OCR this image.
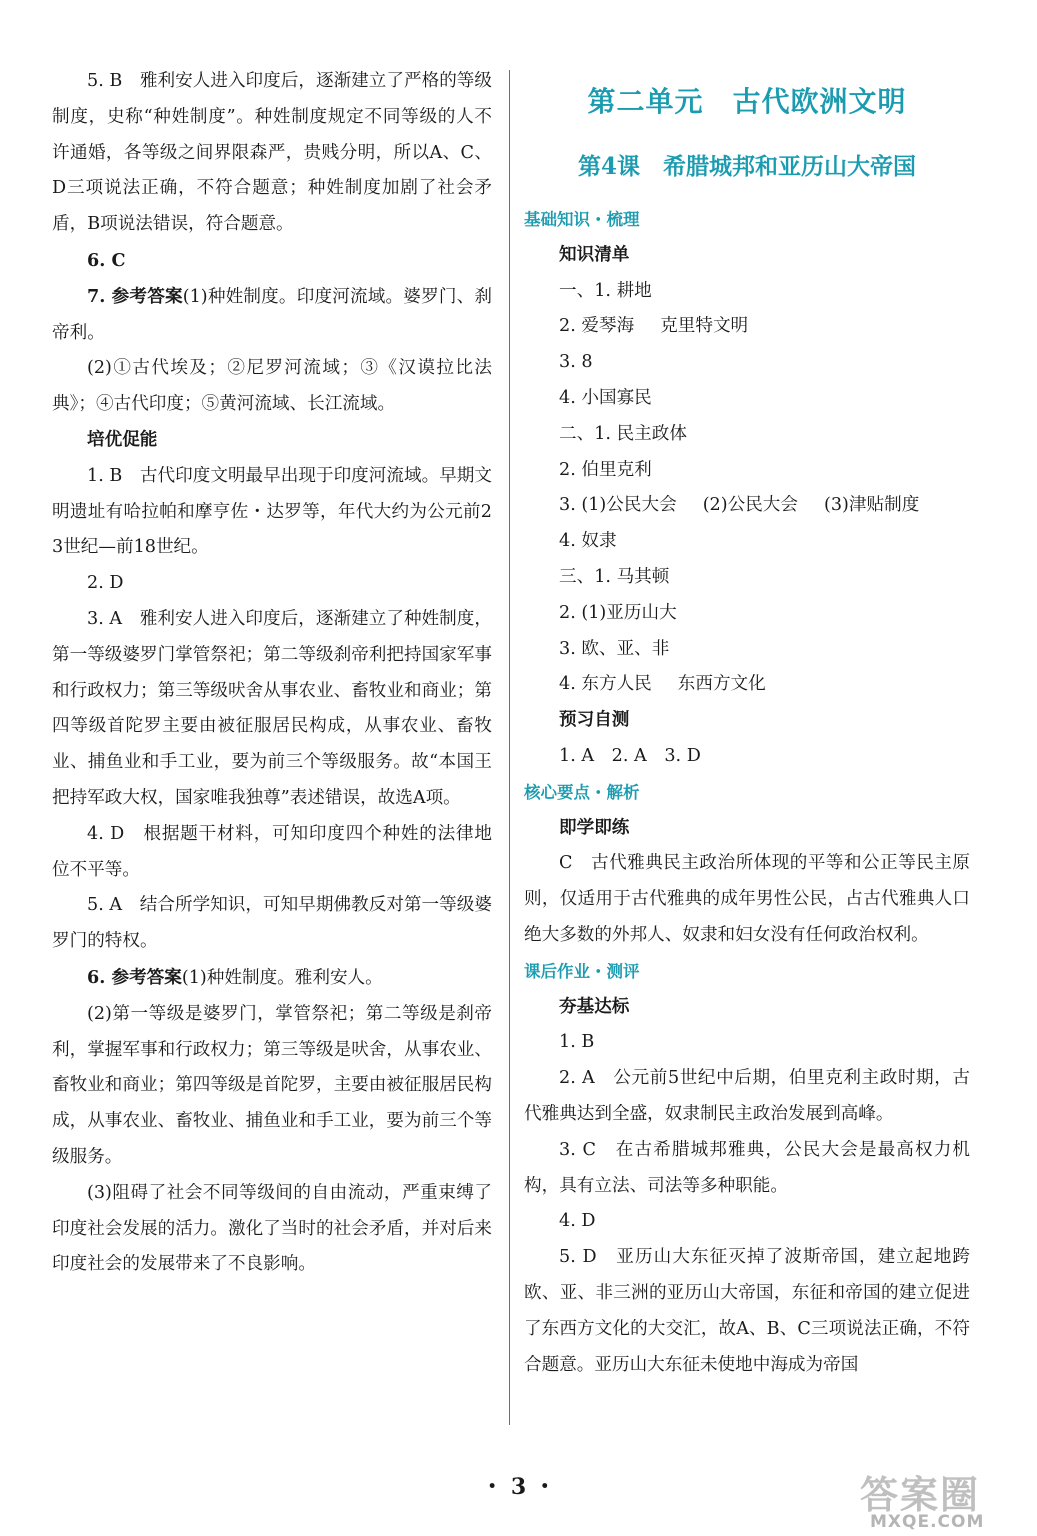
5. B　雅利安人进入印度后，逐渐建立了严格的等级制度，史称“种姓制度”。种姓制度规定不同等级的人不许通婚，各等级之间界限森严，贵贱分明，所以A、C、D三项说法正确，不符合题意；种姓制度加剧了社会矛盾，B项说法错误，符合题意。

6. C

7. 参考答案(1)种姓制度。印度河流域。婆罗门、刹帝利。

(2)①古代埃及；②尼罗河流域；③《汉谟拉比法典》；④古代印度；⑤黄河流域、长江流域。

培优促能

1. B　古代印度文明最早出现于印度河流域。早期文明遗址有哈拉帕和摩亨佐・达罗等，年代大约为公元前23世纪—前18世纪。

2. D

3. A　雅利安人进入印度后，逐渐建立了种姓制度，第一等级婆罗门掌管祭祀；第二等级刹帝利把持国家军事和行政权力；第三等级吠舍从事农业、畜牧业和商业；第四等级首陀罗主要由被征服居民构成，从事农业、畜牧业、捕鱼业和手工业，要为前三个等级服务。故“本国王把持军政大权，国家唯我独尊”表述错误，故选A项。

4. D　根据题干材料，可知印度四个种姓的法律地位不平等。

5. A　结合所学知识，可知早期佛教反对第一等级婆罗门的特权。

6. 参考答案(1)种姓制度。雅利安人。

(2)第一等级是婆罗门，掌管祭祀；第二等级是刹帝利，掌握军事和行政权力；第三等级是吠舍，从事农业、畜牧业和商业；第四等级是首陀罗，主要由被征服居民构成，从事农业、畜牧业、捕鱼业和手工业，要为前三个等级服务。

(3)阻碍了社会不同等级间的自由流动，严重束缚了印度社会发展的活力。激化了当时的社会矛盾，并对后来印度社会的发展带来了不良影响。

第二单元　古代欧洲文明
第4课　希腊城邦和亚历山大帝国

基础知识・梳理

知识清单

一、1. 耕地

2. 爱琴海 克里特文明

3. 8

4. 小国寡民

二、1. 民主政体

2. 伯里克利

3. (1)公民大会 (2)公民大会 (3)津贴制度

4. 奴隶

三、1. 马其顿

2. (1)亚历山大

3. 欧、亚、非

4. 东方人民 东西方文化

预习自测

1. A　2. A　3. D

核心要点・解析

即学即练

C　古代雅典民主政治所体现的平等和公正等民主原则，仅适用于古代雅典的成年男性公民，占古代雅典人口绝大多数的外邦人、奴隶和妇女没有任何政治权利。

课后作业・测评

夯基达标

1. B

2. A　公元前5世纪中后期，伯里克利主政时期，古代雅典达到全盛，奴隶制民主政治发展到高峰。

3. C　在古希腊城邦雅典，公民大会是最高权力机构，具有立法、司法等多种职能。

4. D

5. D　亚历山大东征灭掉了波斯帝国，建立起地跨欧、亚、非三洲的亚历山大帝国，东征和帝国的建立促进了东西方文化的大交汇，故A、B、C三项说法正确，不符合题意。亚历山大东征未使地中海成为帝国

・ 3 ・	答案圈
MXQE.COM
